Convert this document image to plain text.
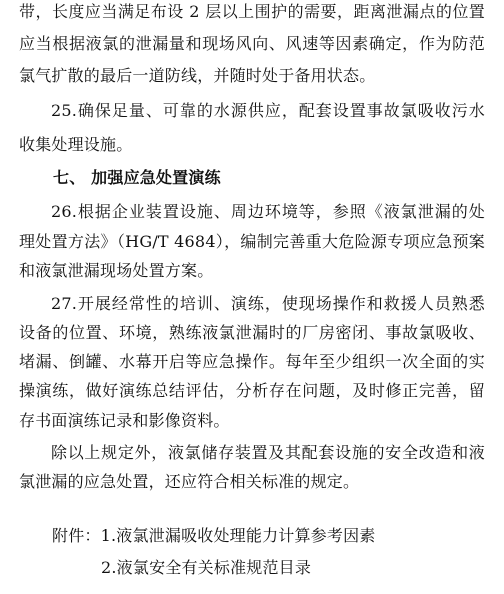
带，长度应当满足布设 2 层以上围护的需要，距离泄漏点的位置
应当根据液氯的泄漏量和现场风向、风速等因素确定，作为防范
氯气扩散的最后一道防线，并随时处于备用状态。
25.确保足量、可靠的水源供应，配套设置事故氯吸收污水
收集处理设施。
七、 加强应急处置演练
26.根据企业装置设施、周边环境等，参照《液氯泄漏的处
理处置方法》（HG/T 4684），编制完善重大危险源专项应急预案
和液氯泄漏现场处置方案。
27.开展经常性的培训、演练，使现场操作和救援人员熟悉
设备的位置、环境，熟练液氯泄漏时的厂房密闭、事故氯吸收、
堵漏、倒罐、水幕开启等应急操作。每年至少组织一次全面的实
操演练，做好演练总结评估，分析存在问题，及时修正完善，留
存书面演练记录和影像资料。
除以上规定外，液氯储存装置及其配套设施的安全改造和液
氯泄漏的应急处置，还应符合相关标准的规定。
附件：1.液氯泄漏吸收处理能力计算参考因素
2.液氯安全有关标准规范目录
